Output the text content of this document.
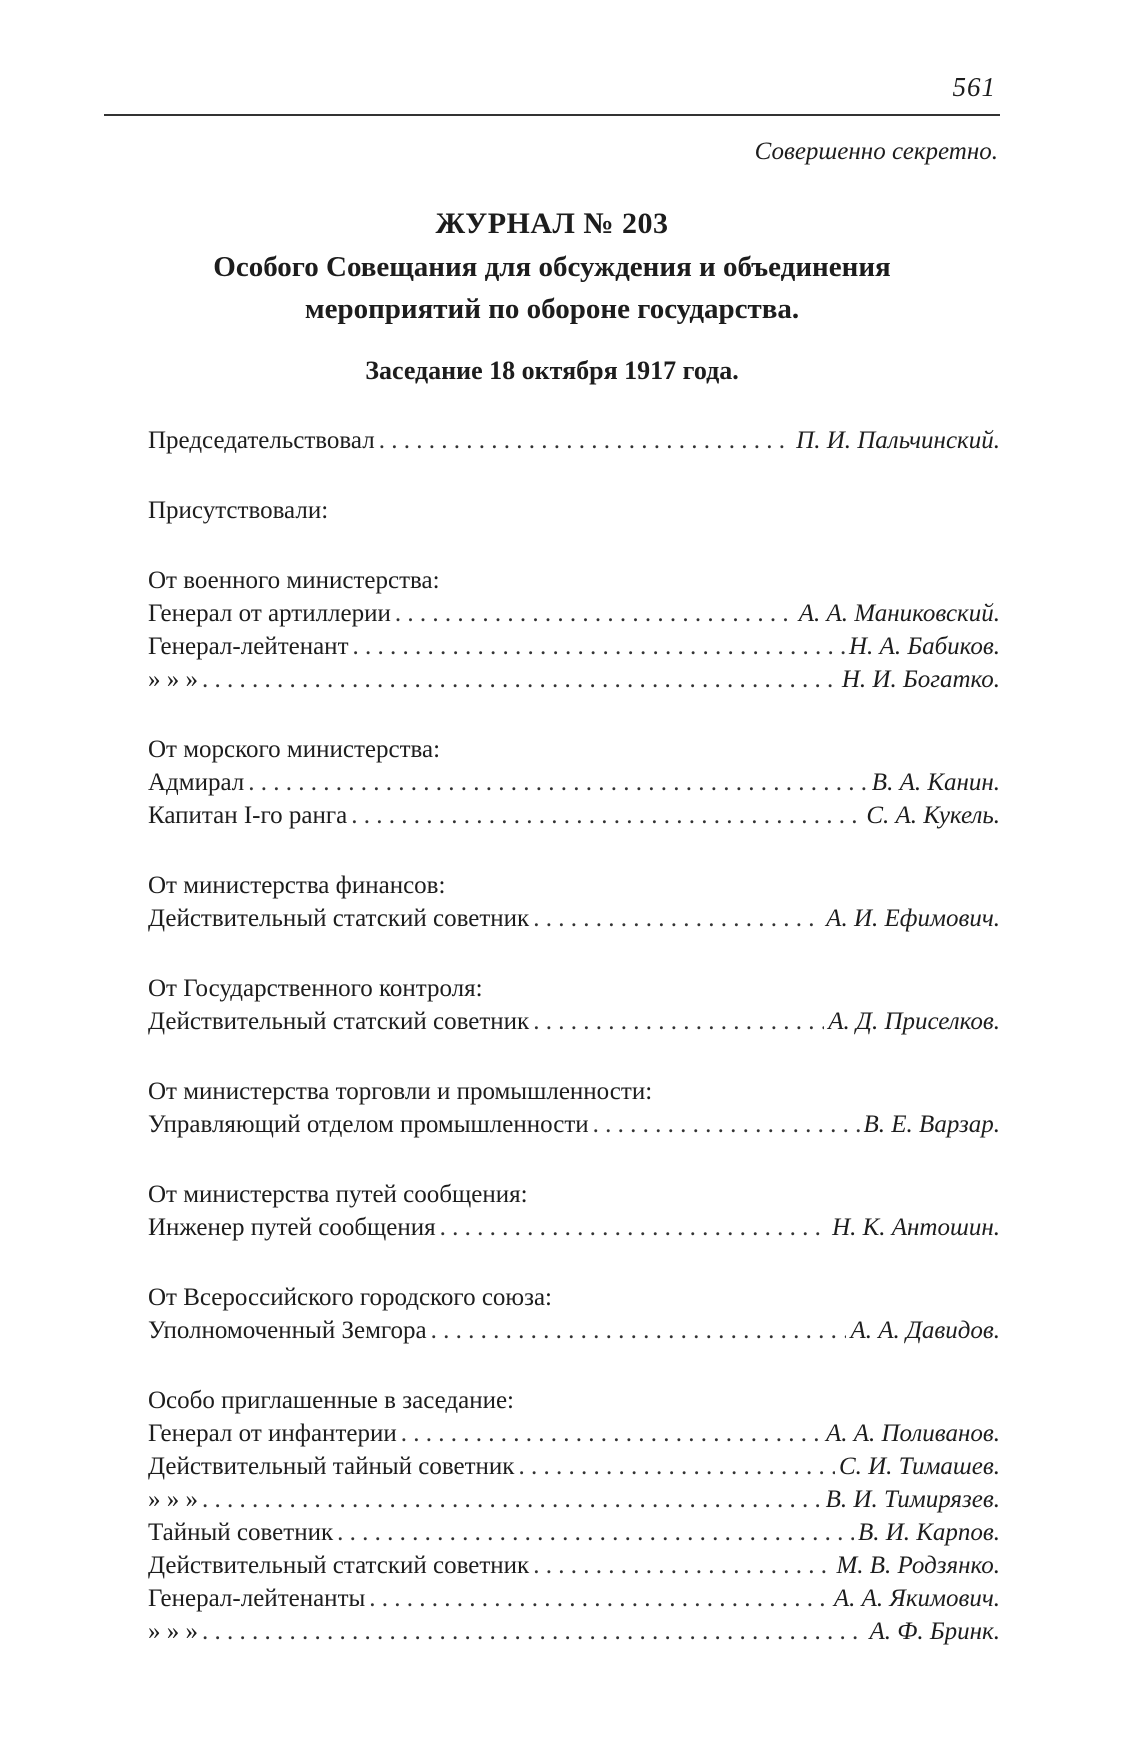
561
Совершенно секретно.
ЖУРНАЛ № 203
Особого Совещания для обсуждения и объединения
мероприятий по обороне государства.
Заседание 18 октября 1917 года.
Председательствовал . . .	П. И. Пальчинский.
Присутствовали:
От военного министерства:
Генерал от артиллерии . . .	А. А. Маниковский.
Генерал-лейтенант . . .	Н. А. Бабиков.
» » » . . .	Н. И. Богатко.
От морского министерства:
Адмирал . . .	В. А. Канин.
Капитан I-го ранга . . .	С. А. Кукель.
От министерства финансов:
Действительный статский советник . . .	А. И. Ефимович.
От Государственного контроля:
Действительный статский советник . . .	А. Д. Приселков.
От министерства торговли и промышленности:
Управляющий отделом промышленности . . .	В. Е. Варзар.
От министерства путей сообщения:
Инженер путей сообщения . . .	Н. К. Антошин.
От Всероссийского городского союза:
Уполномоченный Земгора . . .	А. А. Давидов.
Особо приглашенные в заседание:
Генерал от инфантерии . . .	А. А. Поливанов.
Действительный тайный советник . . .	С. И. Тимашев.
» » » . . .	В. И. Тимирязев.
Тайный советник . . .	В. И. Карпов.
Действительный статский советник . . .	М. В. Родзянко.
Генерал-лейтенанты . . .	А. А. Якимович.
» » » . . .	А. Ф. Бринк.
